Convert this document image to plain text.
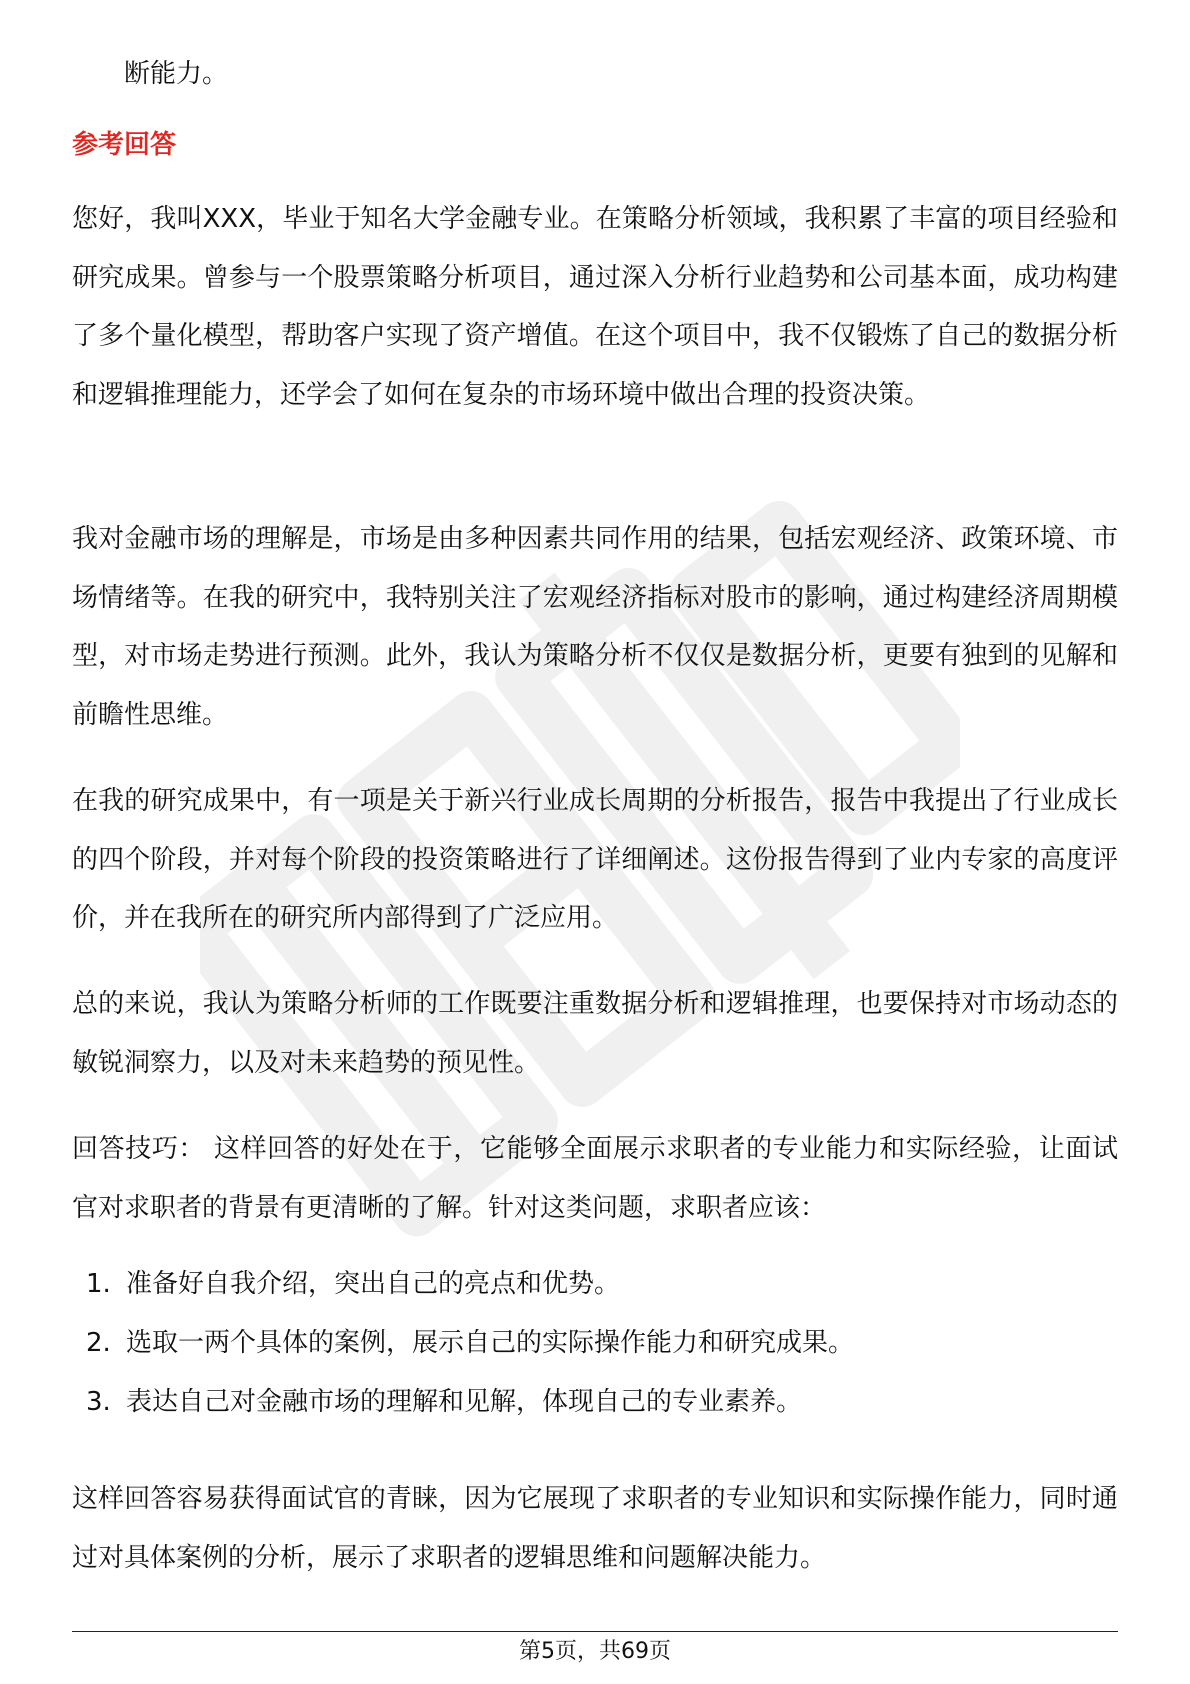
断能力。
参考回答

您好，我叫XXX，毕业于知名大学金融专业。在策略分析领域，我积累了丰富的项目经验和研究成果。曾参与一个股票策略分析项目，通过深入分析行业趋势和公司基本面，成功构建了多个量化模型，帮助客户实现了资产增值。在这个项目中，我不仅锻炼了自己的数据分析和逻辑推理能力，还学会了如何在复杂的市场环境中做出合理的投资决策。

我对金融市场的理解是，市场是由多种因素共同作用的结果，包括宏观经济、政策环境、市场情绪等。在我的研究中，我特别关注了宏观经济指标对股市的影响，通过构建经济周期模型，对市场走势进行预测。此外，我认为策略分析不仅仅是数据分析，更要有独到的见解和前瞻性思维。

在我的研究成果中，有一项是关于新兴行业成长周期的分析报告，报告中我提出了行业成长的四个阶段，并对每个阶段的投资策略进行了详细阐述。这份报告得到了业内专家的高度评价，并在我所在的研究所内部得到了广泛应用。

总的来说，我认为策略分析师的工作既要注重数据分析和逻辑推理，也要保持对市场动态的敏锐洞察力，以及对未来趋势的预见性。

回答技巧： 这样回答的好处在于，它能够全面展示求职者的专业能力和实际经验，让面试官对求职者的背景有更清晰的了解。针对这类问题，求职者应该：

1. 准备好自我介绍，突出自己的亮点和优势。
2. 选取一两个具体的案例，展示自己的实际操作能力和研究成果。
3. 表达自己对金融市场的理解和见解，体现自己的专业素养。

这样回答容易获得面试官的青睐，因为它展现了求职者的专业知识和实际操作能力，同时通过对具体案例的分析，展示了求职者的逻辑思维和问题解决能力。

第5页，共69页
